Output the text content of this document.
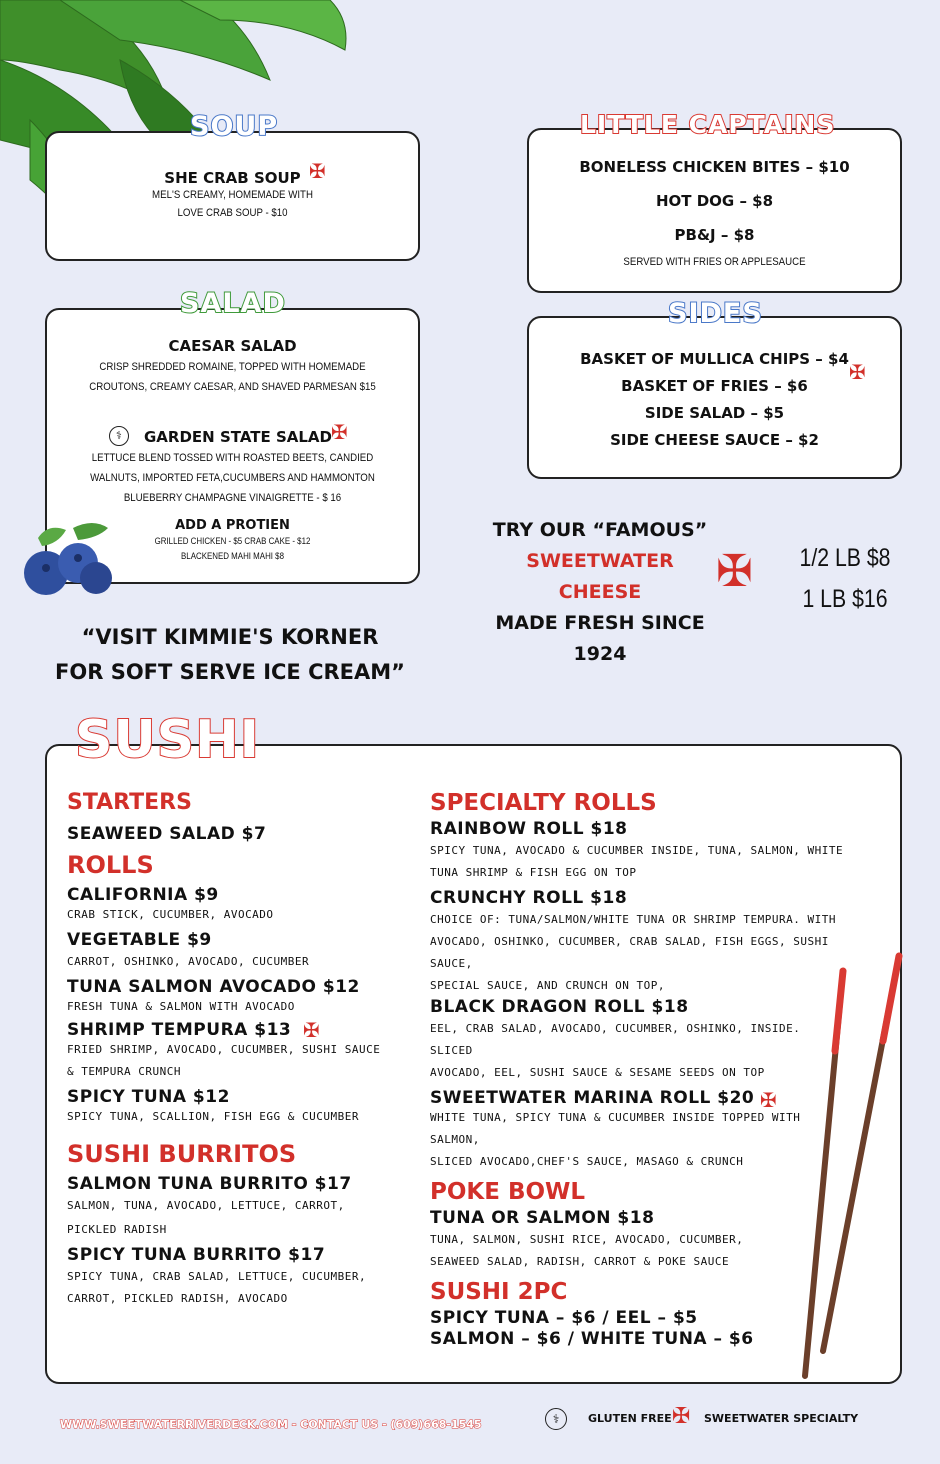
SHE CRAB SOUP
MEL'S CREAMY, HOMEMADE WITH
LOVE CRAB SOUP - $10
✠
SOUP
CAESAR SALAD
CRISP SHREDDED ROMAINE, TOPPED WITH HOMEMADE
CROUTONS, CREAMY CAESAR, AND SHAVED PARMESAN $15
⚕	GARDEN STATE SALAD ✠
LETTUCE BLEND TOSSED WITH ROASTED BEETS, CANDIED
WALNUTS, IMPORTED FETA,CUCUMBERS AND HAMMONTON
BLUEBERRY CHAMPAGNE VINAIGRETTE - $ 16
ADD A PROTIEN
GRILLED CHICKEN - $5 CRAB CAKE - $12
BLACKENED MAHI MAHI $8
SALAD
BONELESS CHICKEN BITES – $10
HOT DOG – $8
PB&J – $8
SERVED WITH FRIES OR APPLESAUCE
LITTLE CAPTAINS
BASKET OF MULLICA CHIPS – $4
BASKET OF FRIES – $6
SIDE SALAD – $5
SIDE CHEESE SAUCE – $2
✠
SIDES
TRY OUR “FAMOUS”
SWEETWATER
CHEESE
MADE FRESH SINCE
1924
✠ 1/2 LB $8
1 LB $16
“VISIT KIMMIE'S KORNER
FOR SOFT SERVE ICE CREAM”
STARTERS
SEAWEED SALAD $7
ROLLS
CALIFORNIA $9
CRAB STICK, CUCUMBER, AVOCADO
VEGETABLE $9
CARROT, OSHINKO, AVOCADO, CUCUMBER
TUNA SALMON AVOCADO $12
FRESH TUNA & SALMON WITH AVOCADO
SHRIMP TEMPURA $13 ✠
FRIED SHRIMP, AVOCADO, CUCUMBER, SUSHI SAUCE
& TEMPURA CRUNCH
SPICY TUNA $12
SPICY TUNA, SCALLION, FISH EGG & CUCUMBER
SUSHI BURRITOS
SALMON TUNA BURRITO $17
SALMON, TUNA, AVOCADO, LETTUCE, CARROT,
PICKLED RADISH
SPICY TUNA BURRITO $17
SPICY TUNA, CRAB SALAD, LETTUCE, CUCUMBER,
CARROT, PICKLED RADISH, AVOCADO
SPECIALTY ROLLS
RAINBOW ROLL $18
SPICY TUNA, AVOCADO & CUCUMBER INSIDE, TUNA, SALMON, WHITE
TUNA SHRIMP & FISH EGG ON TOP
CRUNCHY ROLL $18
CHOICE OF: TUNA/SALMON/WHITE TUNA OR SHRIMP TEMPURA. WITH
AVOCADO, OSHINKO, CUCUMBER, CRAB SALAD, FISH EGGS, SUSHI SAUCE,
SPECIAL SAUCE, AND CRUNCH ON TOP,
BLACK DRAGON ROLL $18
EEL, CRAB SALAD, AVOCADO, CUCUMBER, OSHINKO, INSIDE. SLICED
AVOCADO, EEL, SUSHI SAUCE & SESAME SEEDS ON TOP
SWEETWATER MARINA ROLL $20 ✠
WHITE TUNA, SPICY TUNA & CUCUMBER INSIDE TOPPED WITH SALMON,
SLICED AVOCADO,CHEF'S SAUCE, MASAGO & CRUNCH
POKE BOWL
TUNA OR SALMON $18
TUNA, SALMON, SUSHI RICE, AVOCADO, CUCUMBER,
SEAWEED SALAD, RADISH, CARROT & POKE SAUCE
SUSHI 2PC
SPICY TUNA – $6 / EEL – $5
SALMON – $6 / WHITE TUNA – $6
SUSHI
WWW.SWEETWATERRIVERDECK.COM - CONTACT US - (609)668-1545	⚕	GLUTEN FREE ✠ SWEETWATER SPECIALTY
